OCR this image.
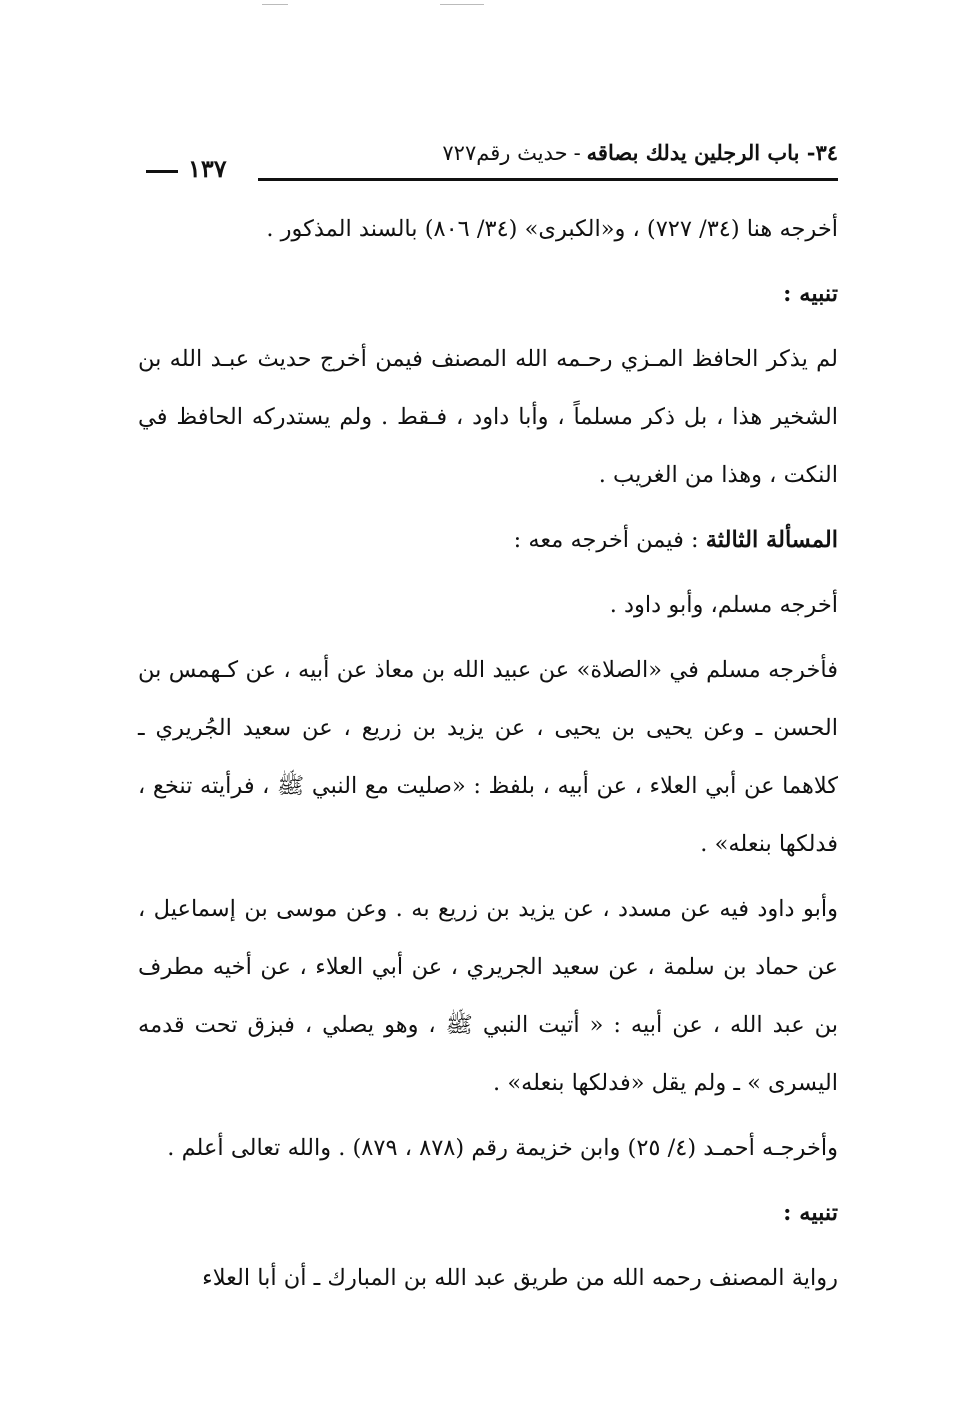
٣٤- باب الرجلين يدلك بصاقه-حديث رقم٧٢٧
١٣٧

أخرجه هنا (٣٤/ ٧٢٧) ، و«الكبرى» (٣٤/ ٨٠٦) بالسند المذكور .

تنبيه :

لم يذكر الحافظ المـزي رحـمه الله المصنف فيمن أخرج حديث عبـد الله بن الشخير هذا ، بل ذكر مسلماً ، وأبا داود ، فـقط . ولم يستدركه الحافظ في النكت ، وهذا من الغريب .

المسألة الثالثة : فيمن أخرجه معه :

أخرجه مسلم، وأبو داود .

فأخرجه مسلم في «الصلاة» عن عبيد الله بن معاذ عن أبيه ، عن كـهمس بن الحسن ـ وعن يحيى بن يحيى ، عن يزيد بن زريع ، عن سعيد الجُريري ـ كلاهما عن أبي العلاء ، عن أبيه ، بلفظ : «صليت مع النبي ﷺ ، فرأيته تنخع ، فدلكها بنعله» .

وأبو داود فيه عن مسدد ، عن يزيد بن زريع به . وعن موسى بن إسماعيل ، عن حماد بن سلمة ، عن سعيد الجريري ، عن أبي العلاء ، عن أخيه مطرف بن عبد الله ، عن أبيه : « أتيت النبي ﷺ ، وهو يصلي ، فبزق تحت قدمه اليسرى » ـ ولم يقل «فدلكها بنعله» .

وأخرجـه أحمـد (٤/ ٢٥) وابن خزيمة رقم (٨٧٨ ، ٨٧٩) . والله تعالى أعلم .

تنبيه :

رواية المصنف رحمه الله من طريق عبد الله بن المبارك ـ أن أبا العلاء
